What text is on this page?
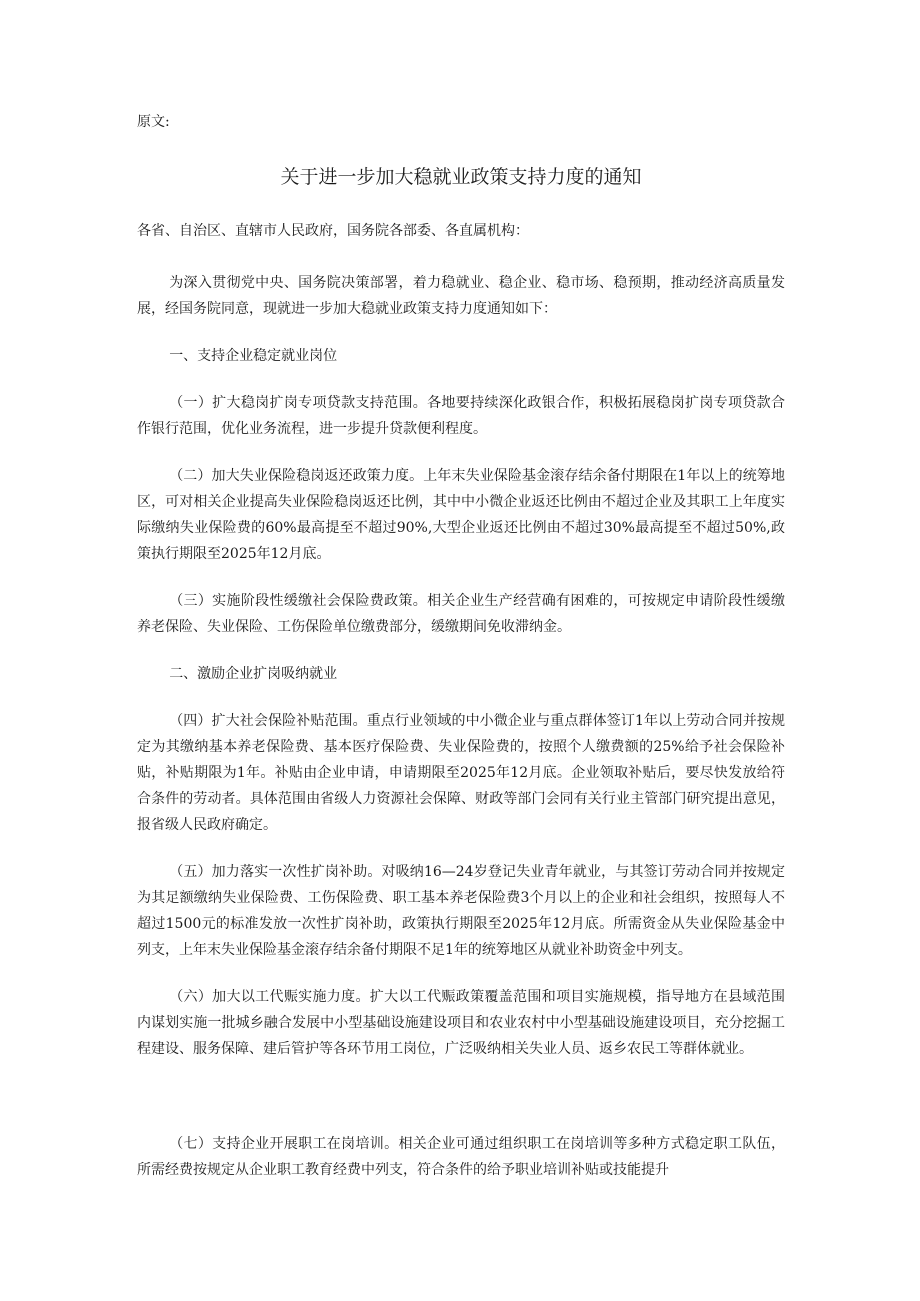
原文:
关于进一步加大稳就业政策支持力度的通知
各省、自治区、直辖市人民政府，国务院各部委、各直属机构：

为深入贯彻党中央、国务院决策部署，着力稳就业、稳企业、稳市场、稳预期，推动经济高质量发展，经国务院同意，现就进一步加大稳就业政策支持力度通知如下：

一、支持企业稳定就业岗位

（一）扩大稳岗扩岗专项贷款支持范围。各地要持续深化政银合作，积极拓展稳岗扩岗专项贷款合作银行范围，优化业务流程，进一步提升贷款便利程度。

（二）加大失业保险稳岗返还政策力度。上年末失业保险基金滚存结余备付期限在1年以上的统筹地区，可对相关企业提高失业保险稳岗返还比例，其中中小微企业返还比例由不超过企业及其职工上年度实际缴纳失业保险费的60%最高提至不超过90%,大型企业返还比例由不超过30%最高提至不超过50%,政策执行期限至2025年12月底。

（三）实施阶段性缓缴社会保险费政策。相关企业生产经营确有困难的，可按规定申请阶段性缓缴养老保险、失业保险、工伤保险单位缴费部分，缓缴期间免收滞纳金。

二、激励企业扩岗吸纳就业

（四）扩大社会保险补贴范围。重点行业领域的中小微企业与重点群体签订1年以上劳动合同并按规定为其缴纳基本养老保险费、基本医疗保险费、失业保险费的，按照个人缴费额的25%给予社会保险补贴，补贴期限为1年。补贴由企业申请，申请期限至2025年12月底。企业领取补贴后，要尽快发放给符合条件的劳动者。具体范围由省级人力资源社会保障、财政等部门会同有关行业主管部门研究提出意见，报省级人民政府确定。

（五）加力落实一次性扩岗补助。对吸纳16—24岁登记失业青年就业，与其签订劳动合同并按规定为其足额缴纳失业保险费、工伤保险费、职工基本养老保险费3个月以上的企业和社会组织，按照每人不超过1500元的标准发放一次性扩岗补助，政策执行期限至2025年12月底。所需资金从失业保险基金中列支，上年末失业保险基金滚存结余备付期限不足1年的统筹地区从就业补助资金中列支。

（六）加大以工代赈实施力度。扩大以工代赈政策覆盖范围和项目实施规模，指导地方在县域范围内谋划实施一批城乡融合发展中小型基础设施建设项目和农业农村中小型基础设施建设项目，充分挖掘工程建设、服务保障、建后管护等各环节用工岗位，广泛吸纳相关失业人员、返乡农民工等群体就业。

（七）支持企业开展职工在岗培训。相关企业可通过组织职工在岗培训等多种方式稳定职工队伍，所需经费按规定从企业职工教育经费中列支，符合条件的给予职业培训补贴或技能提升
